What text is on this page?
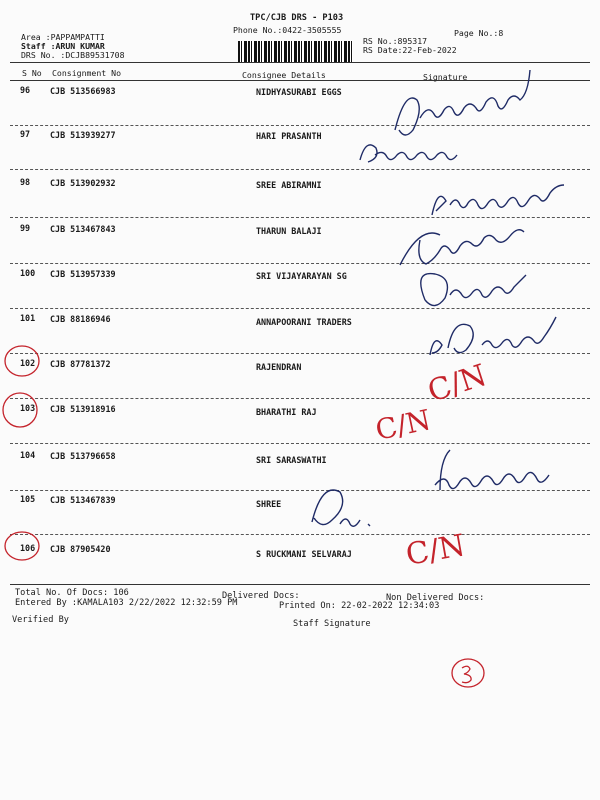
TPC/CJB DRS - P103
Phone No.:0422-3505555	Page No.:8
Area :PAPPAMPATTI
Staff :ARUN KUMAR
DRS No. :DCJB89531708
RS No.:895317
RS Date:22-Feb-2022
S No Consignment No	Consignee Details	Signature
96 CJB 513566983	NIDHYASURABI EGGS
97 CJB 513939277	HARI PRASANTH
98 CJB 513902932	SREE ABIRAMNI
99 CJB 513467843	THARUN BALAJI
100 CJB 513957339	SRI VIJAYARAYAN SG
101 CJB 88186946	ANNAPOORANI TRADERS
102 CJB 87781372	RAJENDRAN
103 CJB 513918916	BHARATHI RAJ
104 CJB 513796658	SRI SARASWATHI
105 CJB 513467839	SHREE
106 CJB 87905420	S RUCKMANI SELVARAJ
Total No. Of Docs: 106	Delivered Docs:	Non Delivered Docs:
Entered By :KAMALA103 2/22/2022 12:32:59 PM	Printed On: 22-02-2022 12:34:03
Verified By	Staff Signature
C/N
C/N
C/N
